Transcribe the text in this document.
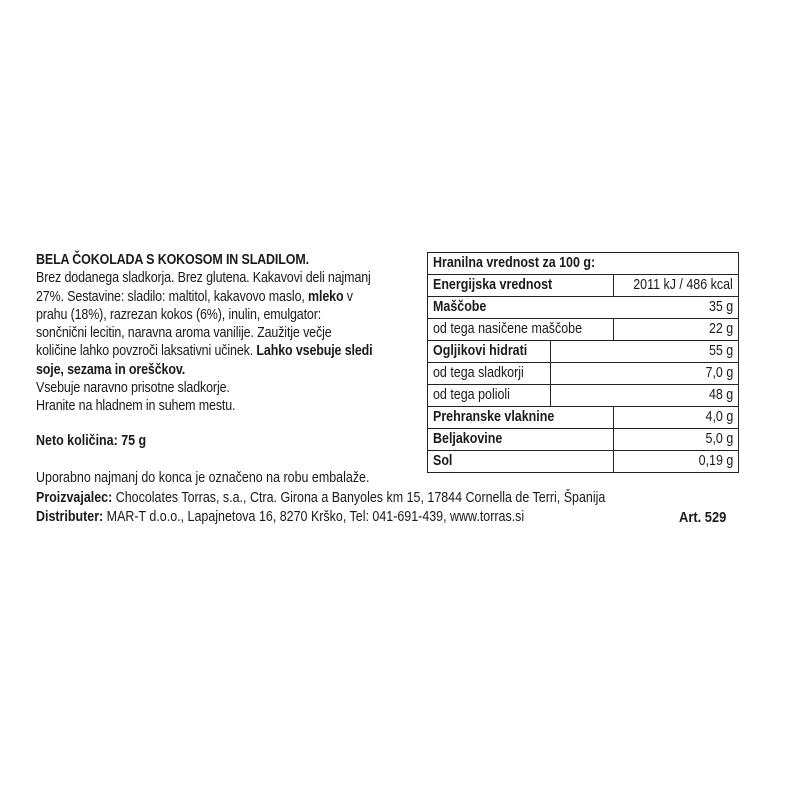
BELA ČOKOLADA S KOKOSOM IN SLADILOM.
Brez dodanega sladkorja. Brez glutena. Kakavovi deli najmanj
27%. Sestavine: sladilo: maltitol, kakavovo maslo, mleko v
prahu (18%), razrezan kokos (6%), inulin, emulgator:
sončnični lecitin, naravna aroma vanilije. Zaužitje večje
količine lahko povzroči laksativni učinek. Lahko vsebuje sledi
soje, sezama in oreščkov.
Vsebuje naravno prisotne sladkorje.
Hranite na hladnem in suhem mestu.
Neto količina: 75 g
Hranilna vrednost za 100 g:
Energijska vrednost	2011 kJ / 486 kcal
Maščobe	35 g
od tega nasičene maščobe	22 g
Ogljikovi hidrati	55 g
od tega sladkorji	7,0 g
od tega polioli	48 g
Prehranske vlaknine	4,0 g
Beljakovine	5,0 g
Sol	0,19 g
Uporabno najmanj do konca je označeno na robu embalaže.
Proizvajalec: Chocolates Torras, s.a., Ctra. Girona a Banyoles km 15, 17844 Cornella de Terri, Španija
Distributer: MAR-T d.o.o., Lapajnetova 16, 8270 Krško, Tel: 041-691-439, www.torras.si	Art. 529
